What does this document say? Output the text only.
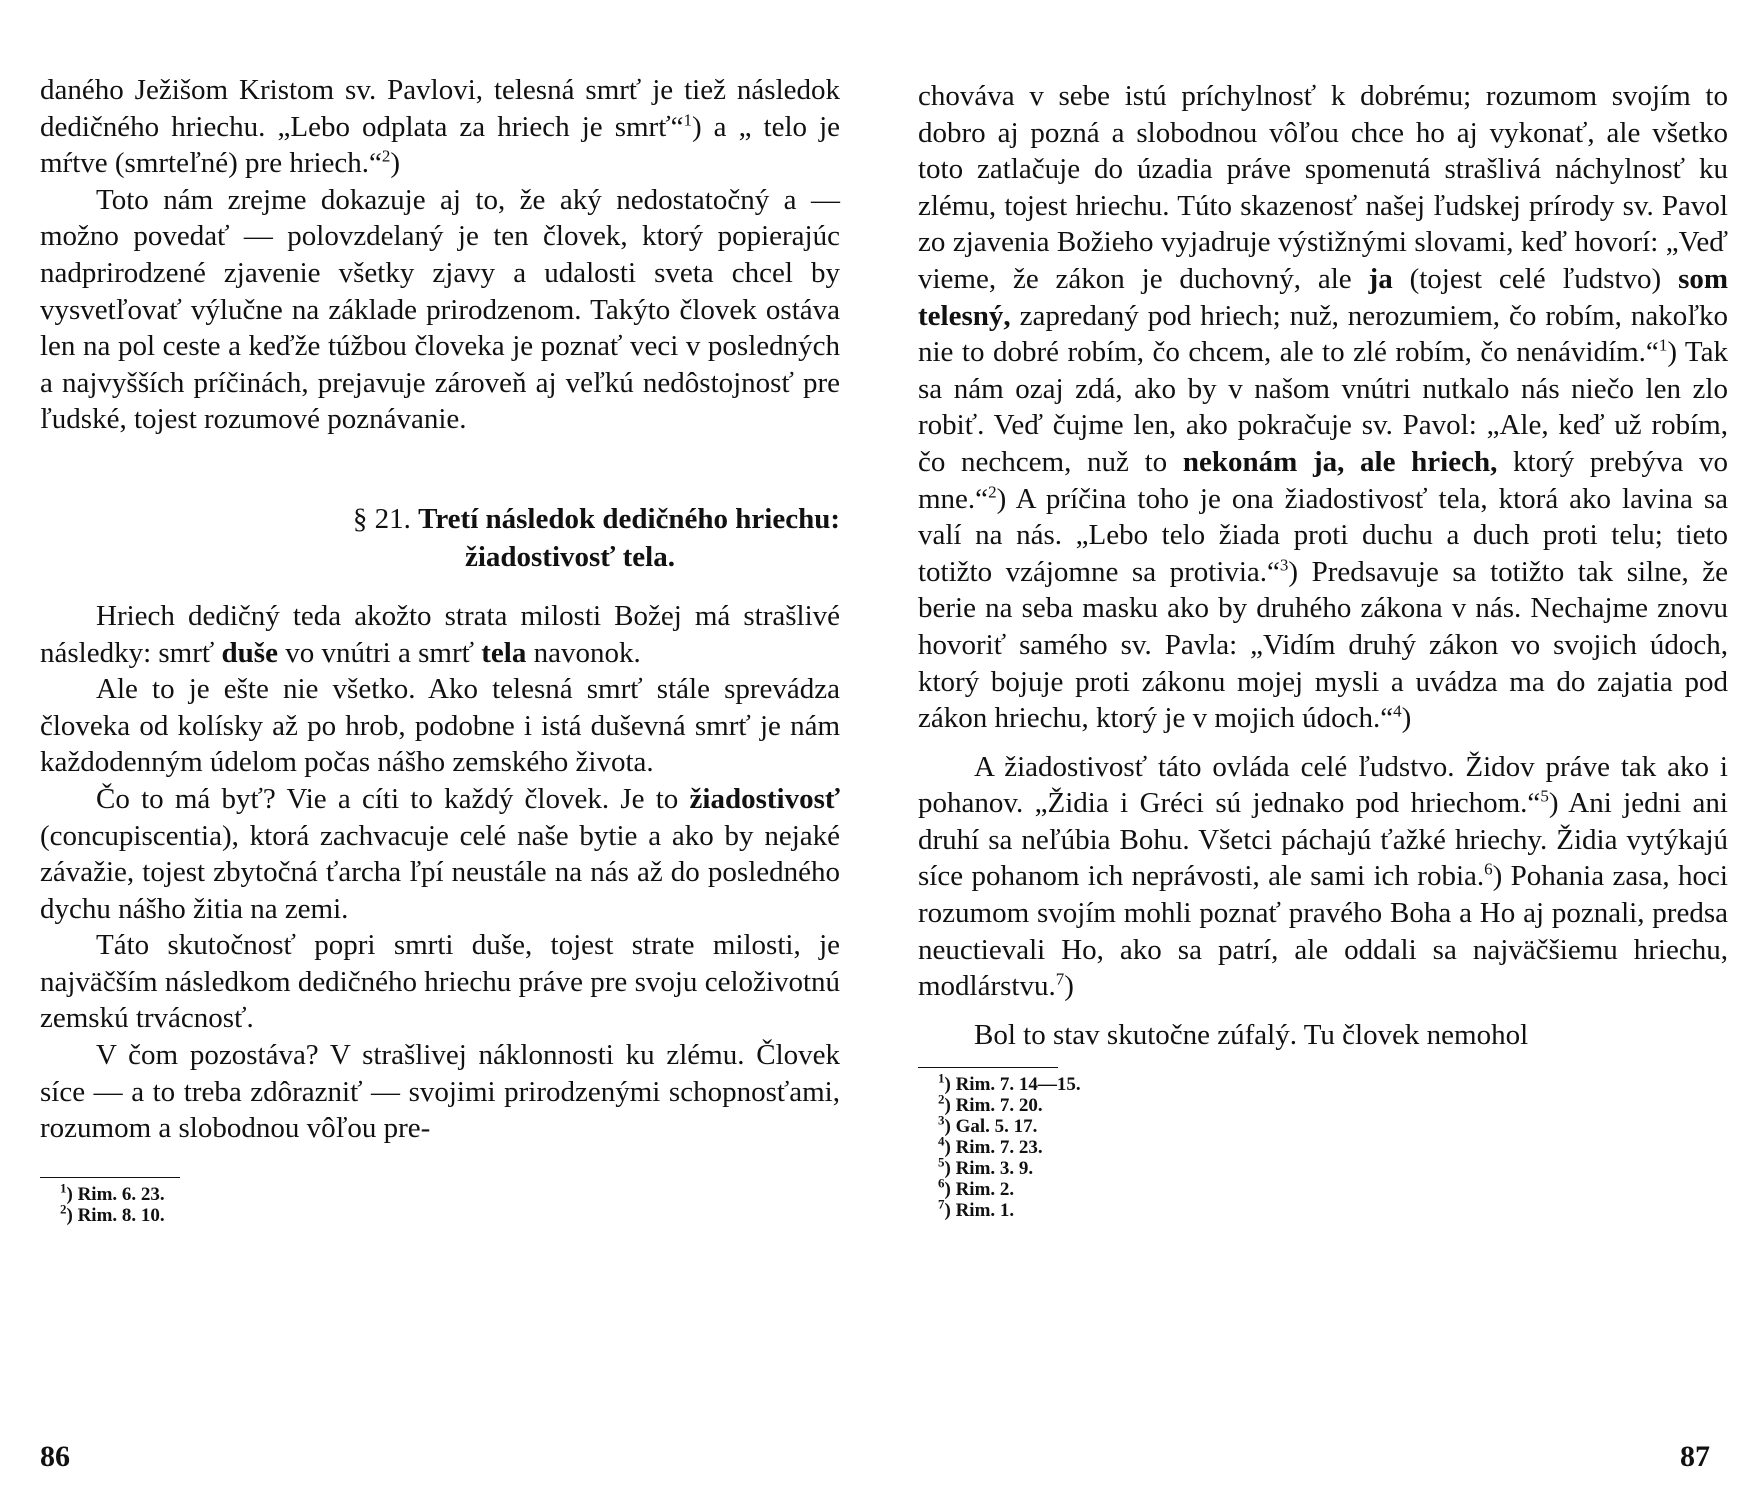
daného Ježišom Kristom sv. Pavlovi, telesná smrť je tiež následok dedičného hriechu. „Lebo odplata za hriech je smrť“$^1$) a „ telo je mŕtve (smrteľné) pre hriech.“$^2$)

Toto nám zrejme dokazuje aj to, že aký nedostatočný a — možno povedať — polovzdelaný je ten človek, ktorý popierajúc nadprirodzené zjavenie všetky zjavy a udalosti sveta chcel by vysvetľovať výlučne na základe prirodzenom. Takýto človek ostáva len na pol ceste a keďže túžbou človeka je poznať veci v posledných a najvyšších príčinách, prejavuje zároveň aj veľkú nedôstojnosť pre ľudské, tojest rozumové poznávanie.

§ 21. Tretí následok dedičného hriechu:
žiadostivosť tela.

Hriech dedičný teda akožto strata milosti Božej má strašlivé následky: smrť duše vo vnútri a smrť tela navonok.

Ale to je ešte nie všetko. Ako telesná smrť stále sprevádza človeka od kolísky až po hrob, podobne i istá duševná smrť je nám každodenným údelom počas nášho zemského života.

Čo to má byť? Vie a cíti to každý človek. Je to žiadostivosť (concupiscentia), ktorá zachvacuje celé naše bytie a ako by nejaké závažie, tojest zbytočná ťarcha ľpí neustále na nás až do posledného dychu nášho žitia na zemi.

Táto skutočnosť popri smrti duše, tojest strate milosti, je najväčším následkom dedičného hriechu práve pre svoju celoživotnú zemskú trvácnosť.

V čom pozostáva? V strašlivej náklonnosti ku zlému. Človek síce — a to treba zdôrazniť — svojimi prirodzenými schopnosťami, rozumom a slobodnou vôľou pre-

$^1$) Rim. 6. 23.
$^2$) Rim. 8. 10.
86

chováva v sebe istú príchylnosť k dobrému; rozumom svojím to dobro aj pozná a slobodnou vôľou chce ho aj vykonať, ale všetko toto zatlačuje do úzadia práve spomenutá strašlivá náchylnosť ku zlému, tojest hriechu. Túto skazenosť našej ľudskej prírody sv. Pavol zo zjavenia Božieho vyjadruje výstižnými slovami, keď hovorí: „Veď vieme, že zákon je duchovný, ale ja (tojest celé ľudstvo) som telesný, zapredaný pod hriech; nuž, nerozumiem, čo robím, nakoľko nie to dobré robím, čo chcem, ale to zlé robím, čo nenávidím.“$^1$) Tak sa nám ozaj zdá, ako by v našom vnútri nutkalo nás niečo len zlo robiť. Veď čujme len, ako pokračuje sv. Pavol: „Ale, keď už robím, čo nechcem, nuž to nekonám ja, ale hriech, ktorý prebýva vo mne.“$^2$) A príčina toho je ona žiadostivosť tela, ktorá ako lavina sa valí na nás. „Lebo telo žiada proti duchu a duch proti telu; tieto totižto vzájomne sa protivia.“$^3$) Predsavuje sa totižto tak silne, že berie na seba masku ako by druhého zákona v nás. Nechajme znovu hovoriť samého sv. Pavla: „Vidím druhý zákon vo svojich údoch, ktorý bojuje proti zákonu mojej mysli a uvádza ma do zajatia pod zákon hriechu, ktorý je v mojich údoch.“$^4$)

A žiadostivosť táto ovláda celé ľudstvo. Židov práve tak ako i pohanov. „Židia i Gréci sú jednako pod hriechom.“$^5$) Ani jedni ani druhí sa neľúbia Bohu. Všetci páchajú ťažké hriechy. Židia vytýkajú síce pohanom ich neprávosti, ale sami ich robia.$^6$) Pohania zasa, hoci rozumom svojím mohli poznať pravého Boha a Ho aj poznali, predsa neuctievali Ho, ako sa patrí, ale oddali sa najväčšiemu hriechu, modlárstvu.$^7$)

Bol to stav skutočne zúfalý. Tu človek nemohol

$^1$) Rim. 7. 14—15.
$^2$) Rim. 7. 20.
$^3$) Gal. 5. 17.
$^4$) Rim. 7. 23.
$^5$) Rim. 3. 9.
$^6$) Rim. 2.
$^7$) Rim. 1.
87
